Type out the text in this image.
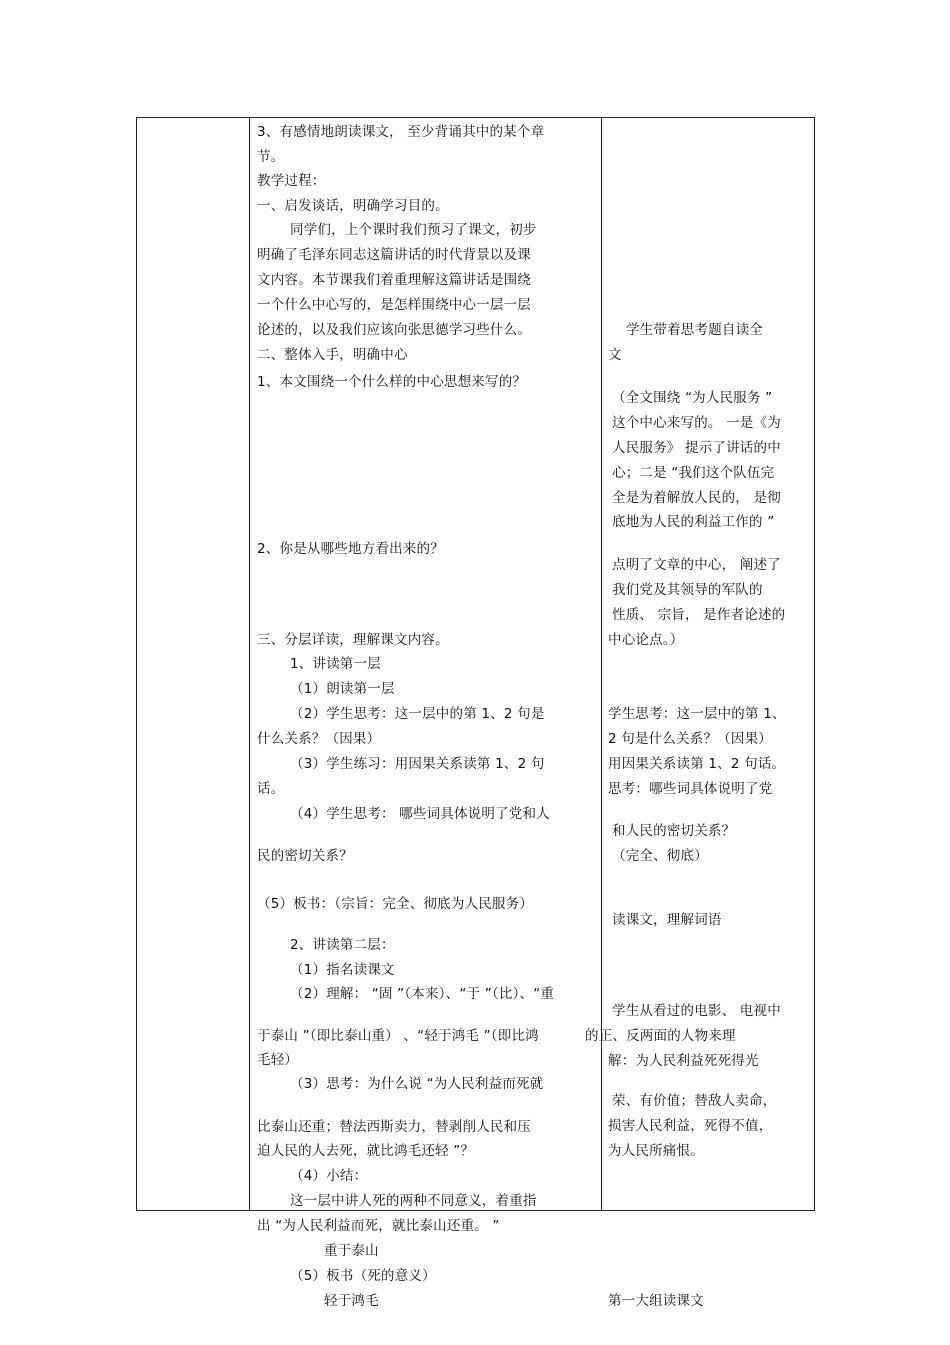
3、有感情地朗读课文， 至少背诵其中的某个章
节。
教学过程：
一、启发谈话，明确学习目的。
同学们，上个课时我们预习了课文，初步
明确了毛泽东同志这篇讲话的时代背景以及课
文内容。本节课我们着重理解这篇讲话是围绕
一个什么中心写的，是怎样围绕中心一层一层
论述的，以及我们应该向张思德学习些什么。
二、整体入手，明确中心
1、本文围绕一个什么样的中心思想来写的？
2、你是从哪些地方看出来的？
三、分层详读，理解课文内容。
1、讲读第一层
（1）朗读第一层
（2）学生思考：这一层中的第 1、2 句是
什么关系？（因果）
（3）学生练习：用因果关系读第 1、2 句
话。
（4）学生思考： 哪些词具体说明了党和人
民的密切关系？
（5）板书：（宗旨：完全、彻底为人民服务）
2、讲读第二层：
（1）指名读课文
（2）理解： “固 ”（本来）、“于 ”（比）、“重
于泰山 ”（即比泰山重） 、“轻于鸿毛 ”（即比鸿
毛轻）
（3）思考：为什么说 “为人民利益而死就
比泰山还重；替法西斯卖力，替剥削人民和压
迫人民的人去死，就比鸿毛还轻 ”？
（4）小结：
这一层中讲人死的两种不同意义，着重指
学生带着思考题自读全
文
（全文围绕 “为人民服务 ”
这个中心来写的。 一是《为
人民服务》 提示了讲话的中
心；二是 “我们这个队伍完
全是为着解放人民的， 是彻
底地为人民的利益工作的 ”
点明了文章的中心， 阐述了
我们党及其领导的军队的
性质、 宗旨， 是作者论述的
中心论点。）
学生思考：这一层中的第 1、
2 句是什么关系？（因果）
用因果关系读第 1、2 句话。
思考：哪些词具体说明了党
和人民的密切关系？
（完全、彻底）
读课文，理解词语
学生从看过的电影、 电视中
的正、反两面的人物来理
解：为人民利益死死得光
荣、有价值；替敌人卖命，
损害人民利益，死得不值，
为人民所痛恨。
出 “为人民利益而死，就比泰山还重。 ”
重于泰山
（5）板书（死的意义）
轻于鸿毛	第一大组读课文
